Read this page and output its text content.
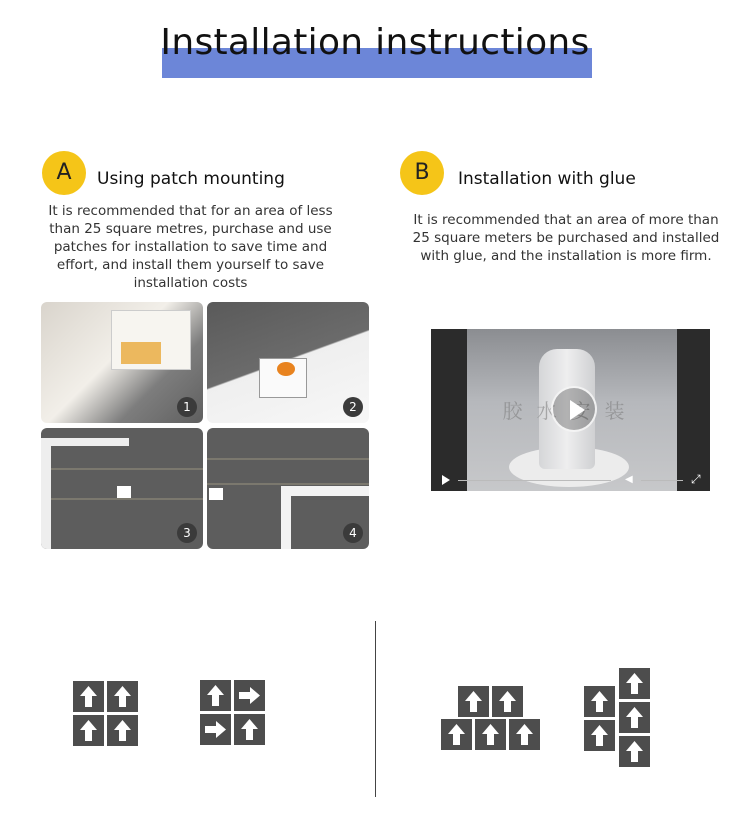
Installation instructions
A	Using patch mounting
It is recommended that for an area of less than 25 square metres, purchase and use patches for installation to save time and effort, and install them yourself to save installation costs
1	2
3	4
B	Installation with glue
It is recommended that an area of more than 25 square meters be purchased and installed with glue, and the installation is more firm.
胶水安装
◀	⤢
